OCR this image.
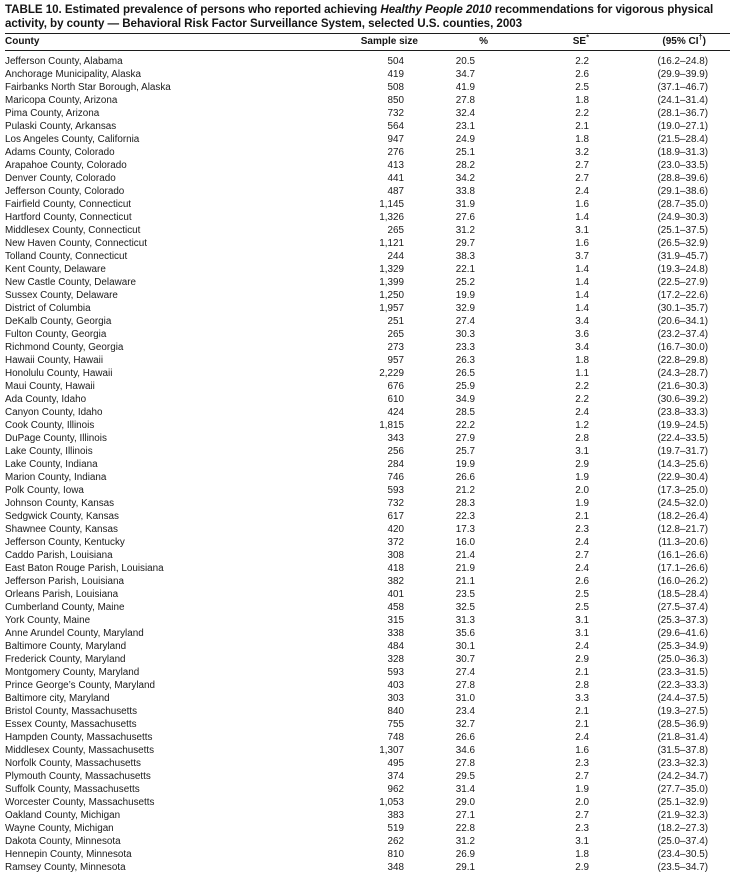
TABLE 10. Estimated prevalence of persons who reported achieving Healthy People 2010 recommendations for vigorous physical activity, by county — Behavioral Risk Factor Surveillance System, selected U.S. counties, 2003
County	Sample size	%	SE*	(95% CI†)
Jefferson County, Alabama	504	20.5	2.2	(16.2–24.8)
Anchorage Municipality, Alaska	419	34.7	2.6	(29.9–39.9)
Fairbanks North Star Borough, Alaska	508	41.9	2.5	(37.1–46.7)
Maricopa County, Arizona	850	27.8	1.8	(24.1–31.4)
Pima County, Arizona	732	32.4	2.2	(28.1–36.7)
Pulaski County, Arkansas	564	23.1	2.1	(19.0–27.1)
Los Angeles County, California	947	24.9	1.8	(21.5–28.4)
Adams County, Colorado	276	25.1	3.2	(18.9–31.3)
Arapahoe County, Colorado	413	28.2	2.7	(23.0–33.5)
Denver County, Colorado	441	34.2	2.7	(28.8–39.6)
Jefferson County, Colorado	487	33.8	2.4	(29.1–38.6)
Fairfield County, Connecticut	1,145	31.9	1.6	(28.7–35.0)
Hartford County, Connecticut	1,326	27.6	1.4	(24.9–30.3)
Middlesex County, Connecticut	265	31.2	3.1	(25.1–37.5)
New Haven County, Connecticut	1,121	29.7	1.6	(26.5–32.9)
Tolland County, Connecticut	244	38.3	3.7	(31.9–45.7)
Kent County, Delaware	1,329	22.1	1.4	(19.3–24.8)
New Castle County, Delaware	1,399	25.2	1.4	(22.5–27.9)
Sussex County, Delaware	1,250	19.9	1.4	(17.2–22.6)
District of Columbia	1,957	32.9	1.4	(30.1–35.7)
DeKalb County, Georgia	251	27.4	3.4	(20.6–34.1)
Fulton County, Georgia	265	30.3	3.6	(23.2–37.4)
Richmond County, Georgia	273	23.3	3.4	(16.7–30.0)
Hawaii County, Hawaii	957	26.3	1.8	(22.8–29.8)
Honolulu County, Hawaii	2,229	26.5	1.1	(24.3–28.7)
Maui County, Hawaii	676	25.9	2.2	(21.6–30.3)
Ada County, Idaho	610	34.9	2.2	(30.6–39.2)
Canyon County, Idaho	424	28.5	2.4	(23.8–33.3)
Cook County, Illinois	1,815	22.2	1.2	(19.9–24.5)
DuPage County, Illinois	343	27.9	2.8	(22.4–33.5)
Lake County, Illinois	256	25.7	3.1	(19.7–31.7)
Lake County, Indiana	284	19.9	2.9	(14.3–25.6)
Marion County, Indiana	746	26.6	1.9	(22.9–30.4)
Polk County, Iowa	593	21.2	2.0	(17.3–25.0)
Johnson County, Kansas	732	28.3	1.9	(24.5–32.0)
Sedgwick County, Kansas	617	22.3	2.1	(18.2–26.4)
Shawnee County, Kansas	420	17.3	2.3	(12.8–21.7)
Jefferson County, Kentucky	372	16.0	2.4	(11.3–20.6)
Caddo Parish, Louisiana	308	21.4	2.7	(16.1–26.6)
East Baton Rouge Parish, Louisiana	418	21.9	2.4	(17.1–26.6)
Jefferson Parish, Louisiana	382	21.1	2.6	(16.0–26.2)
Orleans Parish, Louisiana	401	23.5	2.5	(18.5–28.4)
Cumberland County, Maine	458	32.5	2.5	(27.5–37.4)
York County, Maine	315	31.3	3.1	(25.3–37.3)
Anne Arundel County, Maryland	338	35.6	3.1	(29.6–41.6)
Baltimore County, Maryland	484	30.1	2.4	(25.3–34.9)
Frederick County, Maryland	328	30.7	2.9	(25.0–36.3)
Montgomery County, Maryland	593	27.4	2.1	(23.3–31.5)
Prince George’s County, Maryland	403	27.8	2.8	(22.3–33.3)
Baltimore city, Maryland	303	31.0	3.3	(24.4–37.5)
Bristol County, Massachusetts	840	23.4	2.1	(19.3–27.5)
Essex County, Massachusetts	755	32.7	2.1	(28.5–36.9)
Hampden County, Massachusetts	748	26.6	2.4	(21.8–31.4)
Middlesex County, Massachusetts	1,307	34.6	1.6	(31.5–37.8)
Norfolk County, Massachusetts	495	27.8	2.3	(23.3–32.3)
Plymouth County, Massachusetts	374	29.5	2.7	(24.2–34.7)
Suffolk County, Massachusetts	962	31.4	1.9	(27.7–35.0)
Worcester County, Massachusetts	1,053	29.0	2.0	(25.1–32.9)
Oakland County, Michigan	383	27.1	2.7	(21.9–32.3)
Wayne County, Michigan	519	22.8	2.3	(18.2–27.3)
Dakota County, Minnesota	262	31.2	3.1	(25.0–37.4)
Hennepin County, Minnesota	810	26.9	1.8	(23.4–30.5)
Ramsey County, Minnesota	348	29.1	2.9	(23.5–34.7)
